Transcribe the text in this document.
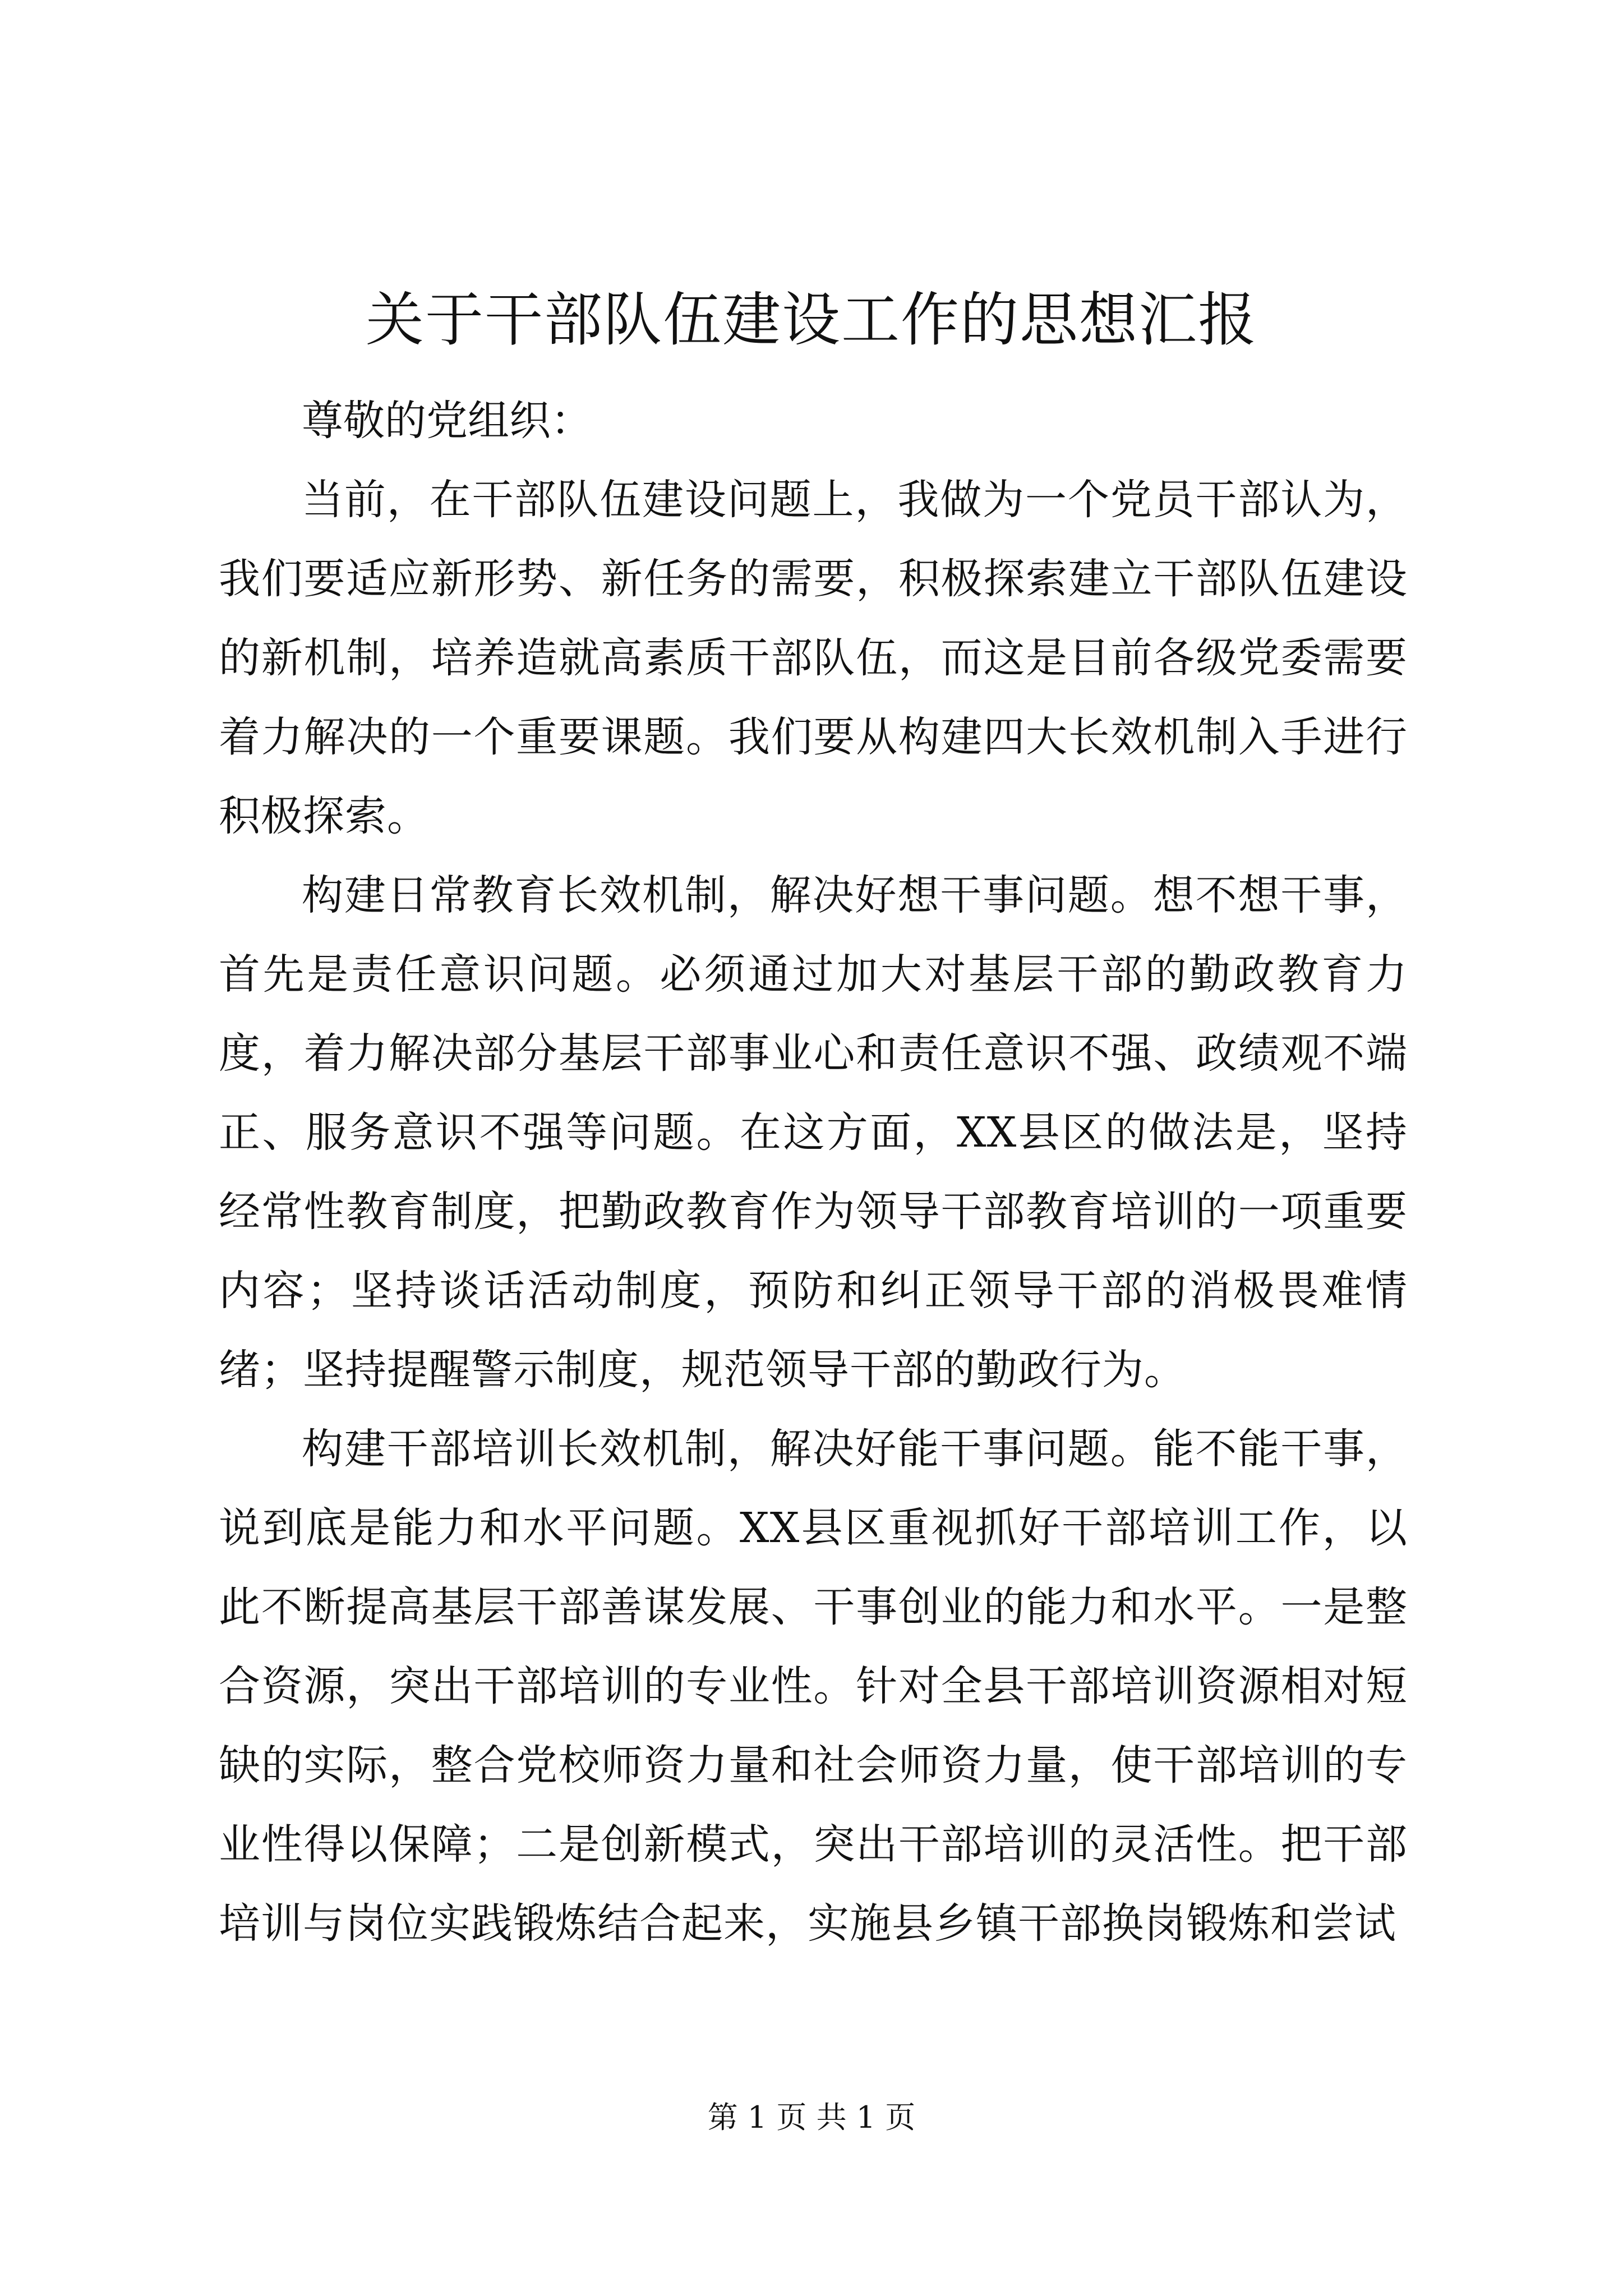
关于干部队伍建设工作的思想汇报

尊敬的党组织：

当前，在干部队伍建设问题上，我做为一个党员干部认为，我们要适应新形势、新任务的需要，积极探索建立干部队伍建设的新机制，培养造就高素质干部队伍，而这是目前各级党委需要着力解决的一个重要课题。我们要从构建四大长效机制入手进行积极探索。

构建日常教育长效机制，解决好想干事问题。想不想干事，首先是责任意识问题。必须通过加大对基层干部的勤政教育力度，着力解决部分基层干部事业心和责任意识不强、政绩观不端正、服务意识不强等问题。在这方面，XX县区的做法是，坚持经常性教育制度，把勤政教育作为领导干部教育培训的一项重要内容；坚持谈话活动制度，预防和纠正领导干部的消极畏难情绪；坚持提醒警示制度，规范领导干部的勤政行为。

构建干部培训长效机制，解决好能干事问题。能不能干事，说到底是能力和水平问题。XX县区重视抓好干部培训工作，以此不断提高基层干部善谋发展、干事创业的能力和水平。一是整合资源，突出干部培训的专业性。针对全县干部培训资源相对短缺的实际，整合党校师资力量和社会师资力量，使干部培训的专业性得以保障；二是创新模式，突出干部培训的灵活性。把干部培训与岗位实践锻炼结合起来，实施县乡镇干部换岗锻炼和尝试

第 1 页 共 1 页
